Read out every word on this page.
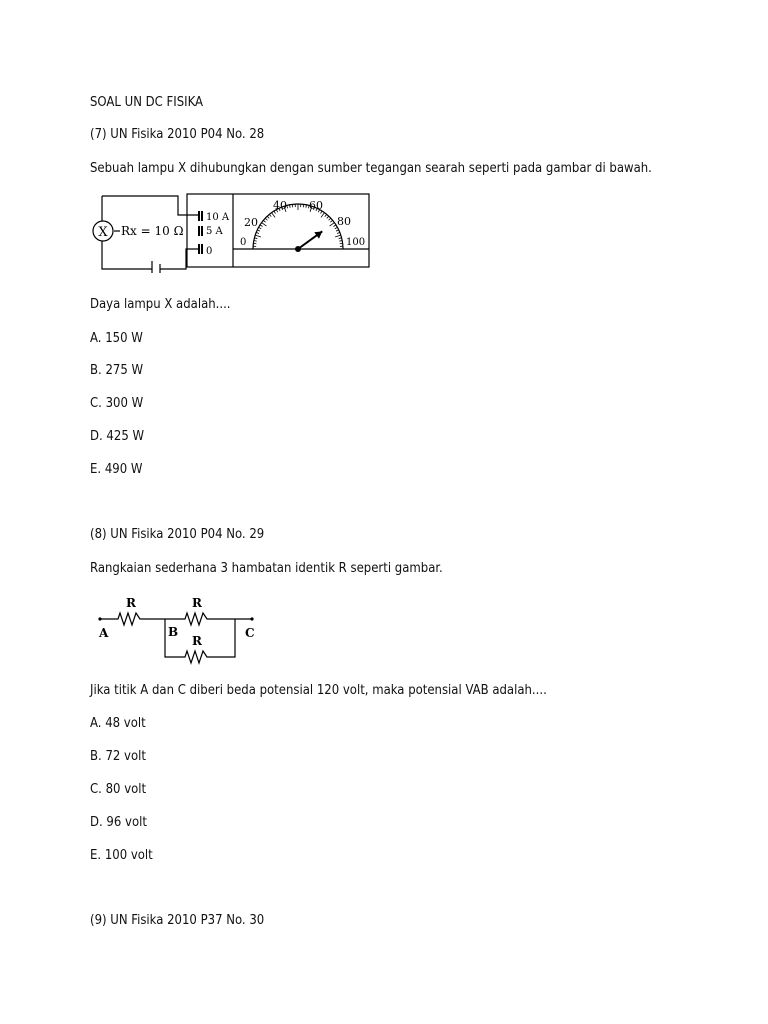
SOAL UN DC FISIKA
(7) UN Fisika 2010 P04 No. 28
Sebuah lampu X dihubungkan dengan sumber tegangan searah seperti pada gambar di bawah.
X Rx = 10 Ω
10 A
5 A
0
0
20
40 60
80
100
Daya lampu X adalah....
A. 150 W
B. 275 W
C. 300 W
D. 425 W
E. 490 W
(8) UN Fisika 2010 P04 No. 29
Rangkaian sederhana 3 hambatan identik R seperti gambar.
R	R
R
A	B	C
Jika titik A dan C diberi beda potensial 120 volt, maka potensial VAB adalah....
A. 48 volt
B. 72 volt
C. 80 volt
D. 96 volt
E. 100 volt
(9) UN Fisika 2010 P37 No. 30
